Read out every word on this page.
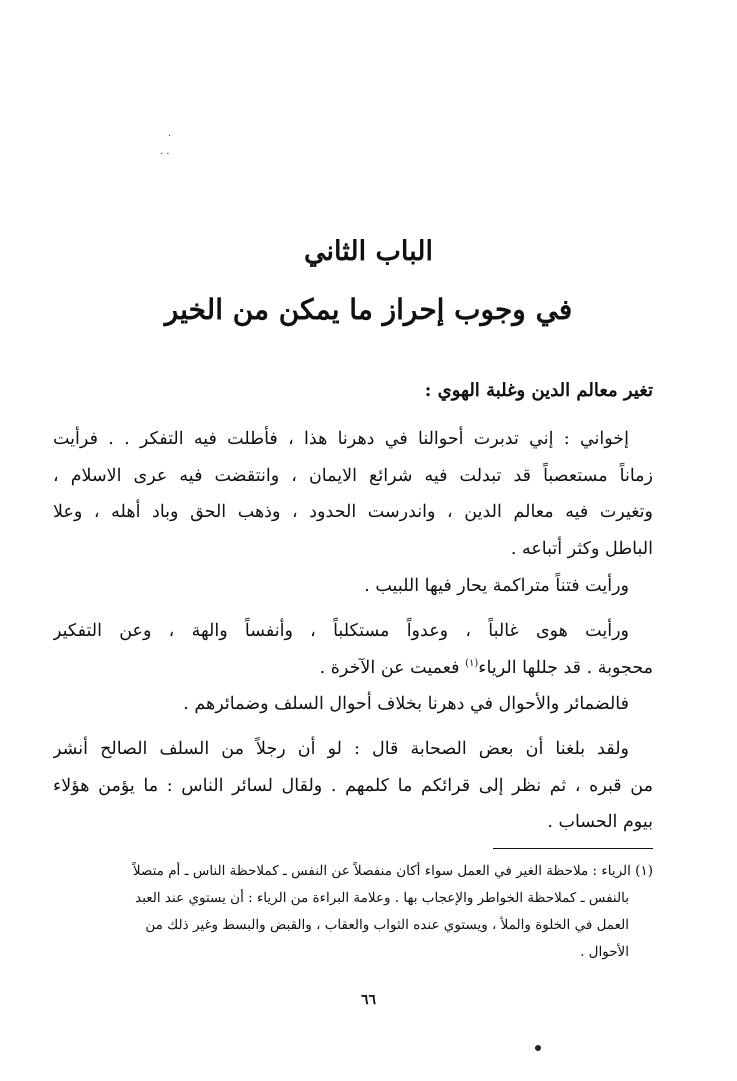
·
· ·
الباب الثاني
في وجوب إحراز ما يمكن من الخير
تغير معالم الدين وغلبة الهوي :
إخواني : إني تدبرت أحوالنا في دهرنا هذا ، فأطلت فيه التفكر . . فرأيت
زماناً مستعصباً قد تبدلت فيه شرائع الايمان ، وانتقضت فيه عرى الاسلام ،
وتغيرت فيه معالم الدين ، واندرست الحدود ، وذهب الحق وباد أهله ، وعلا
الباطل وكثر أتباعه .
ورأيت فتناً متراكمة يحار فيها اللبيب .
ورأيت هوى غالباً ، وعدواً مستكلباً ، وأنفساً والهة ، وعن التفكير
محجوبة . قد جللها الرياء$^{(١)}$ فعميت عن الآخرة .
فالضمائر والأحوال في دهرنا بخلاف أحوال السلف وضمائرهم .
ولقد بلغنا أن بعض الصحابة قال : لو أن رجلاً من السلف الصالح أنشر
من قبره ، ثم نظر إلى قرائكم ما كلمهم . ولقال لسائر الناس : ما يؤمن هؤلاء
بيوم الحساب .
(١) الرياء : ملاحظة الغير في العمل سواء أكان منفصلاً عن النفس ـ كملاحظة الناس ـ أم متصلاً
بالنفس ـ كملاحظة الخواطر والإعجاب بها . وعلامة البراءة من الرياء : أن يستوي عند العبد
العمل في الخلوة والملأ ، ويستوي عنده الثواب والعقاب ، والقبض والبسط وغير ذلك من
الأحوال .
٦٦
